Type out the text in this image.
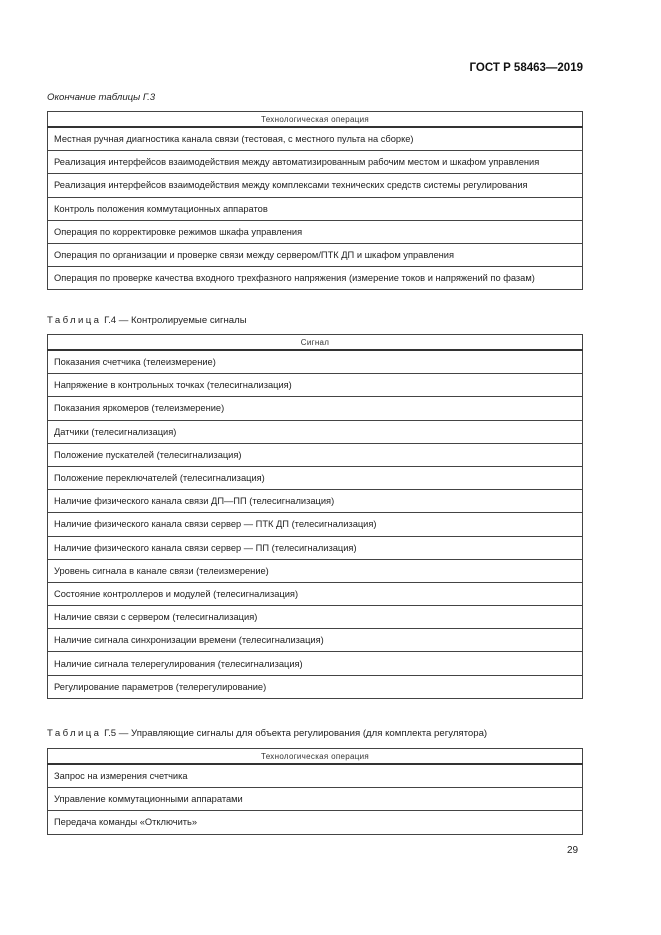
ГОСТ Р 58463—2019
Окончание таблицы Г.3
Технологическая операция
Местная ручная диагностика канала связи (тестовая, с местного пульта на сборке)
Реализация интерфейсов взаимодействия между автоматизированным рабочим местом и шкафом управления
Реализация интерфейсов взаимодействия между комплексами технических средств системы регулирования
Контроль положения коммутационных аппаратов
Операция по корректировке режимов шкафа управления
Операция по организации и проверке связи между сервером/ПТК ДП и шкафом управления
Операция по проверке качества входного трехфазного напряжения (измерение токов и напряжений по фазам)
Таблица Г.4 — Контролируемые сигналы
Сигнал
Показания счетчика (телеизмерение)
Напряжение в контрольных точках (телесигнализация)
Показания яркомеров (телеизмерение)
Датчики (телесигнализация)
Положение пускателей (телесигнализация)
Положение переключателей (телесигнализация)
Наличие физического канала связи ДП—ПП (телесигнализация)
Наличие физического канала связи сервер — ПТК ДП (телесигнализация)
Наличие физического канала связи сервер — ПП (телесигнализация)
Уровень сигнала в канале связи (телеизмерение)
Состояние контроллеров и модулей (телесигнализация)
Наличие связи с сервером (телесигнализация)
Наличие сигнала синхронизации времени (телесигнализация)
Наличие сигнала телерегулирования (телесигнализация)
Регулирование параметров (телерегулирование)
Таблица Г.5 — Управляющие сигналы для объекта регулирования (для комплекта регулятора)
Технологическая операция
Запрос на измерения счетчика
Управление коммутационными аппаратами
Передача команды «Отключить»
29
